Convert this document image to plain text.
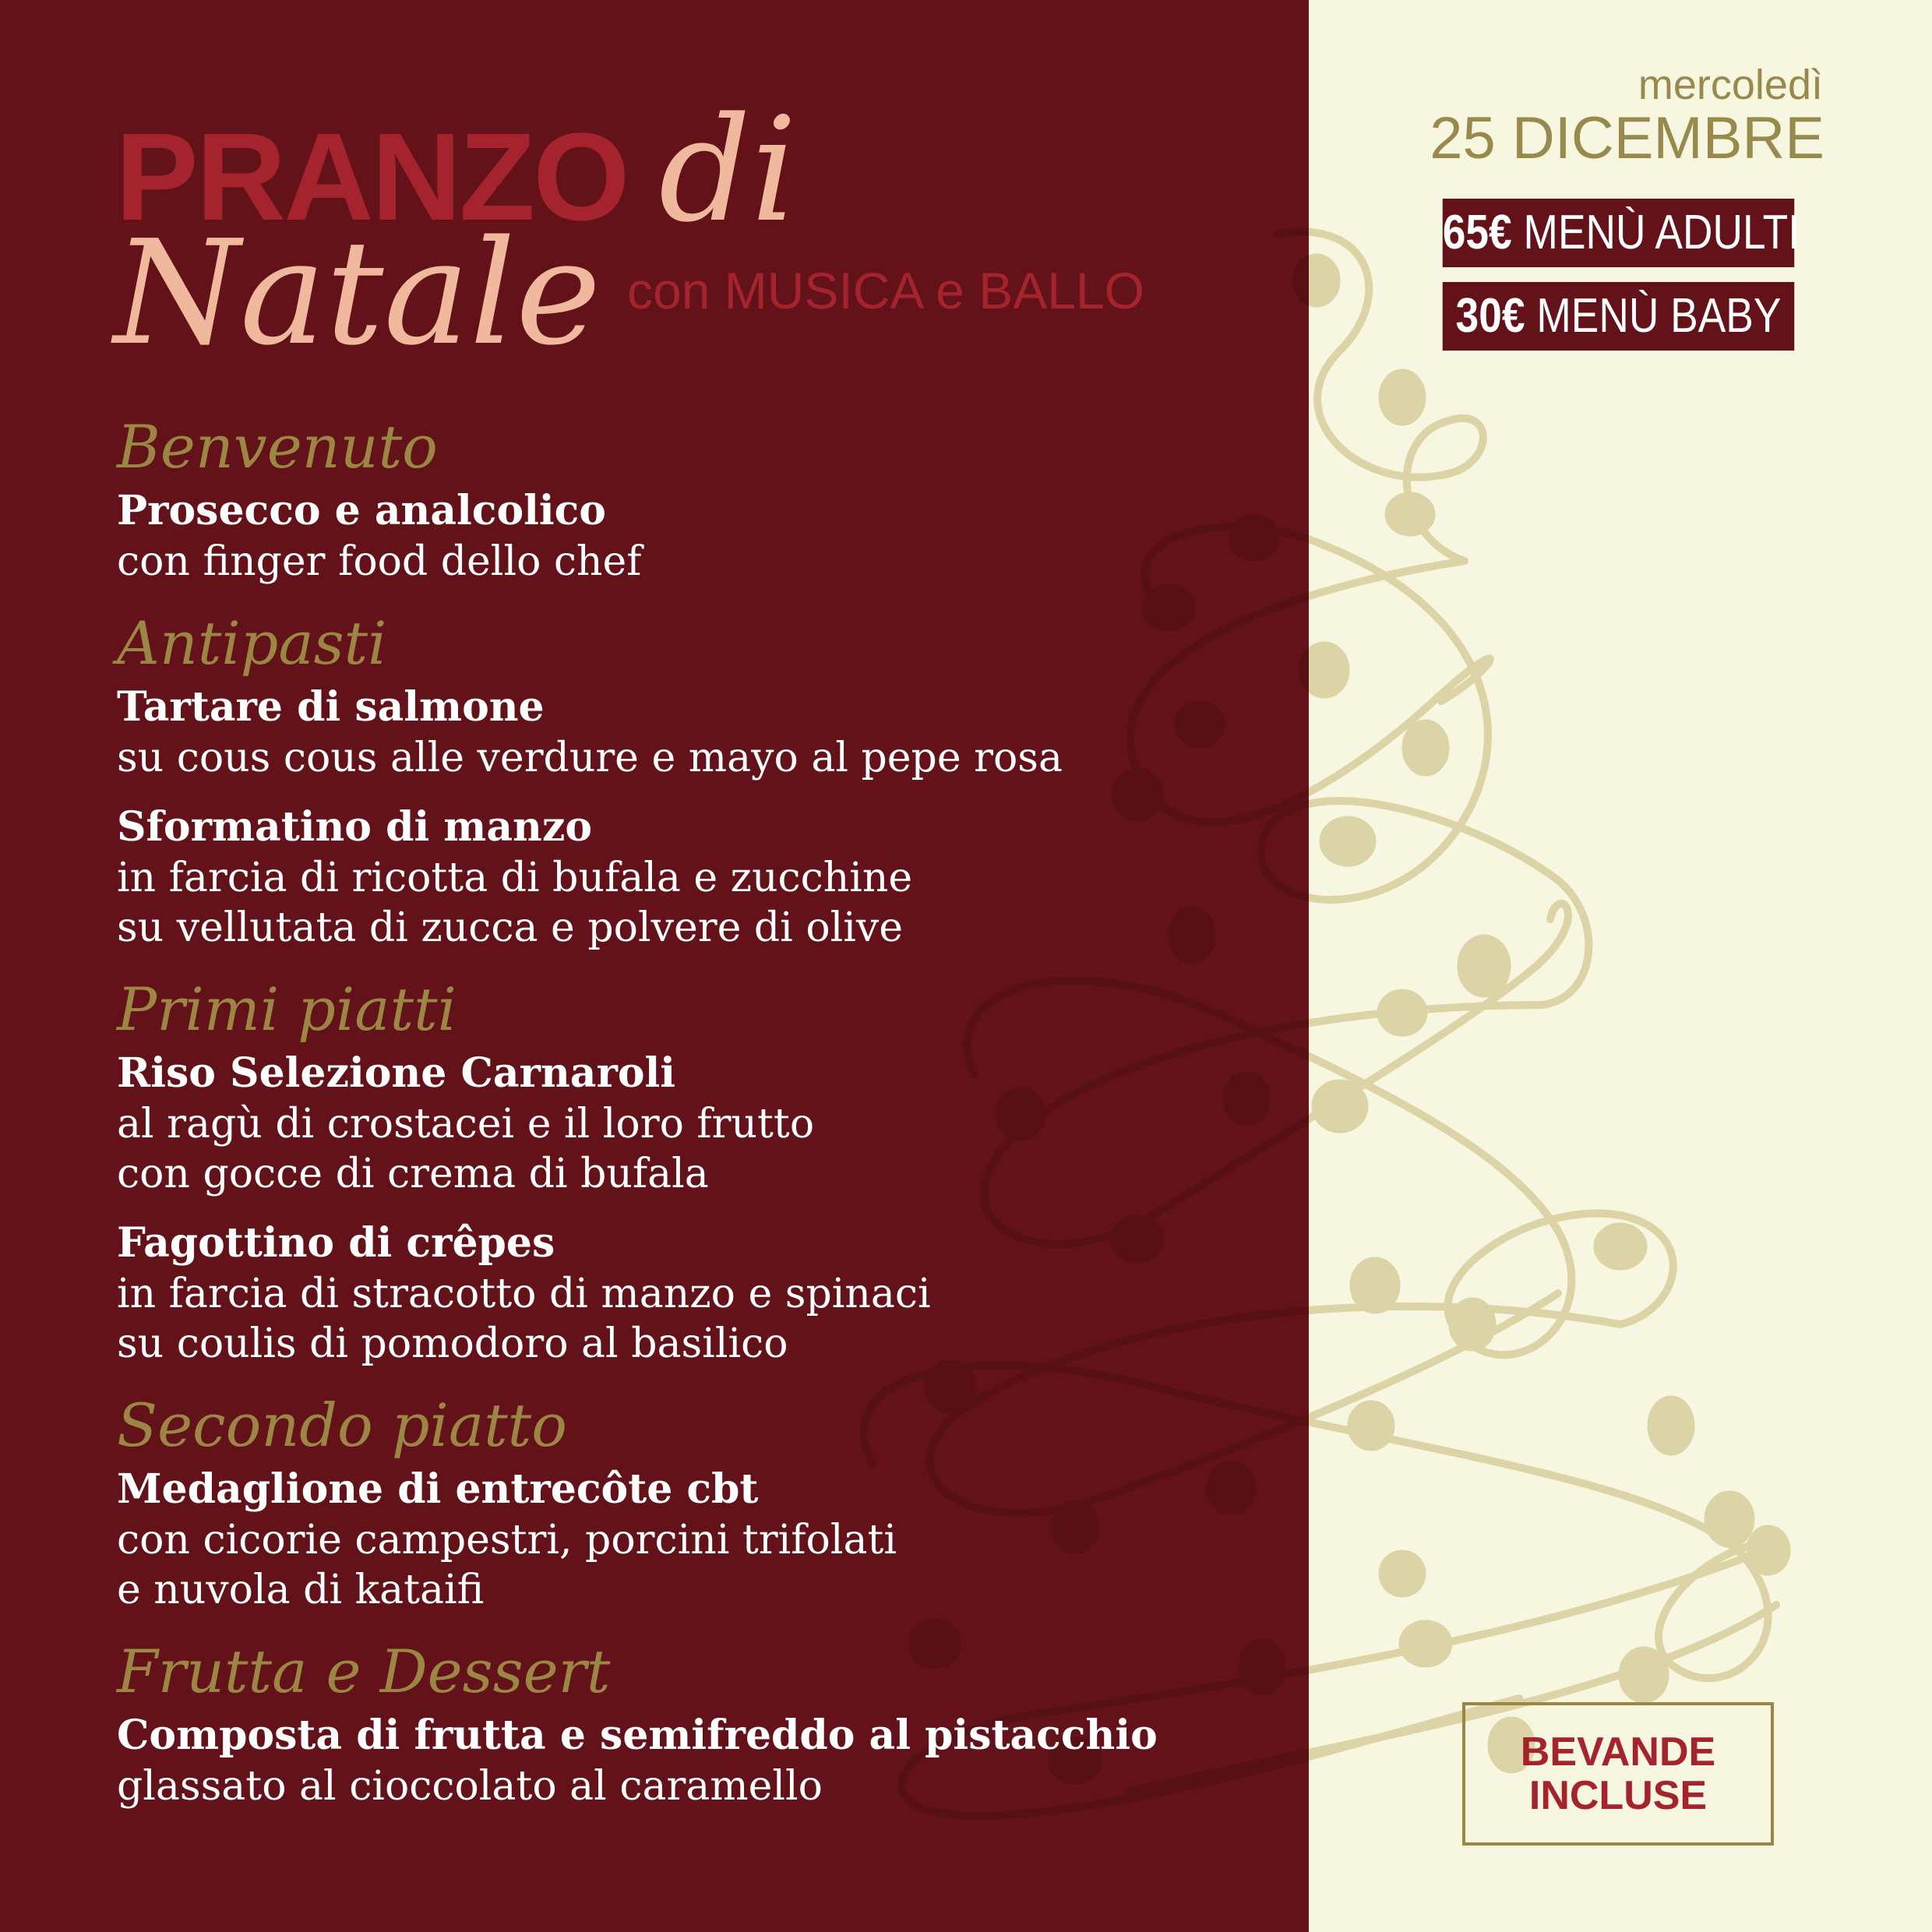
PRANZO di
Natale con MUSICA e BALLO
mercoledì
25 DICEMBRE
65€ MENÙ ADULTI
30€ MENÙ BABY
BEVANDE
INCLUSE
Benvenuto
Prosecco e analcolico
con finger food dello chef
Antipasti
Tartare di salmone
su cous cous alle verdure e mayo al pepe rosa
Sformatino di manzo
in farcia di ricotta di bufala e zucchine
su vellutata di zucca e polvere di olive
Primi piatti
Riso Selezione Carnaroli
al ragù di crostacei e il loro frutto
con gocce di crema di bufala
Fagottino di crêpes
in farcia di stracotto di manzo e spinaci
su coulis di pomodoro al basilico
Secondo piatto
Medaglione di entrecôte cbt
con cicorie campestri, porcini trifolati
e nuvola di kataifi
Frutta e Dessert
Composta di frutta e semifreddo al pistacchio
glassato al cioccolato al caramello
